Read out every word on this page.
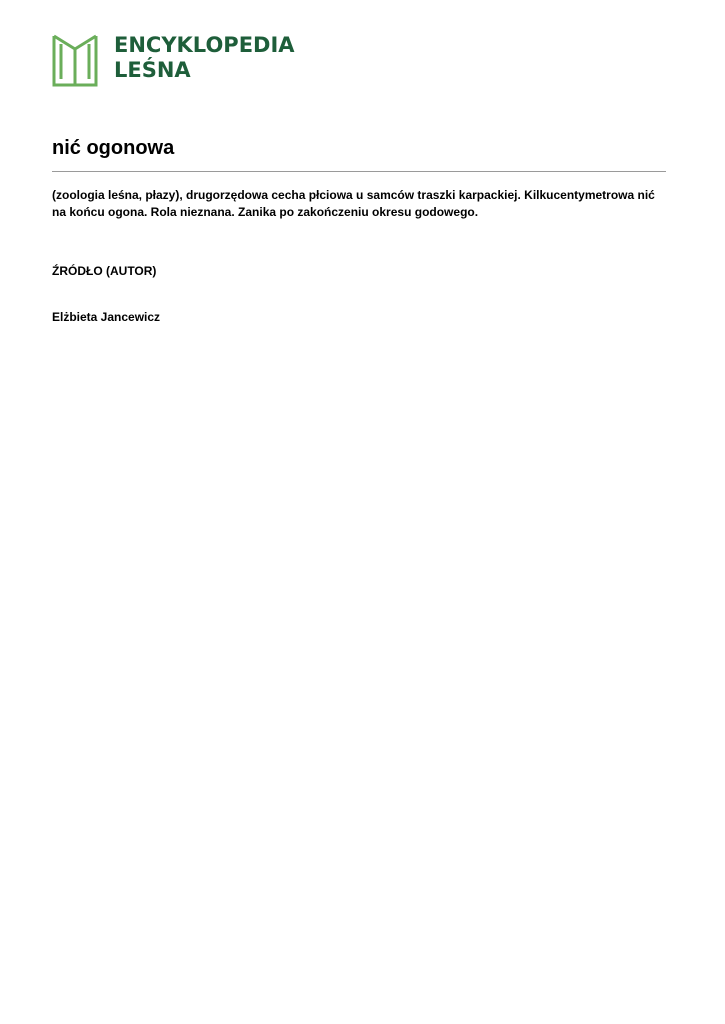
ENCYKLOPEDIA
LEŚNA
nić ogonowa

(zoologia leśna, płazy), drugorzędowa cecha płciowa u samców traszki karpackiej. Kilkucentymetrowa nić na końcu ogona. Rola nieznana. Zanika po zakończeniu okresu godowego.

ŹRÓDŁO (AUTOR)

Elżbieta Jancewicz
